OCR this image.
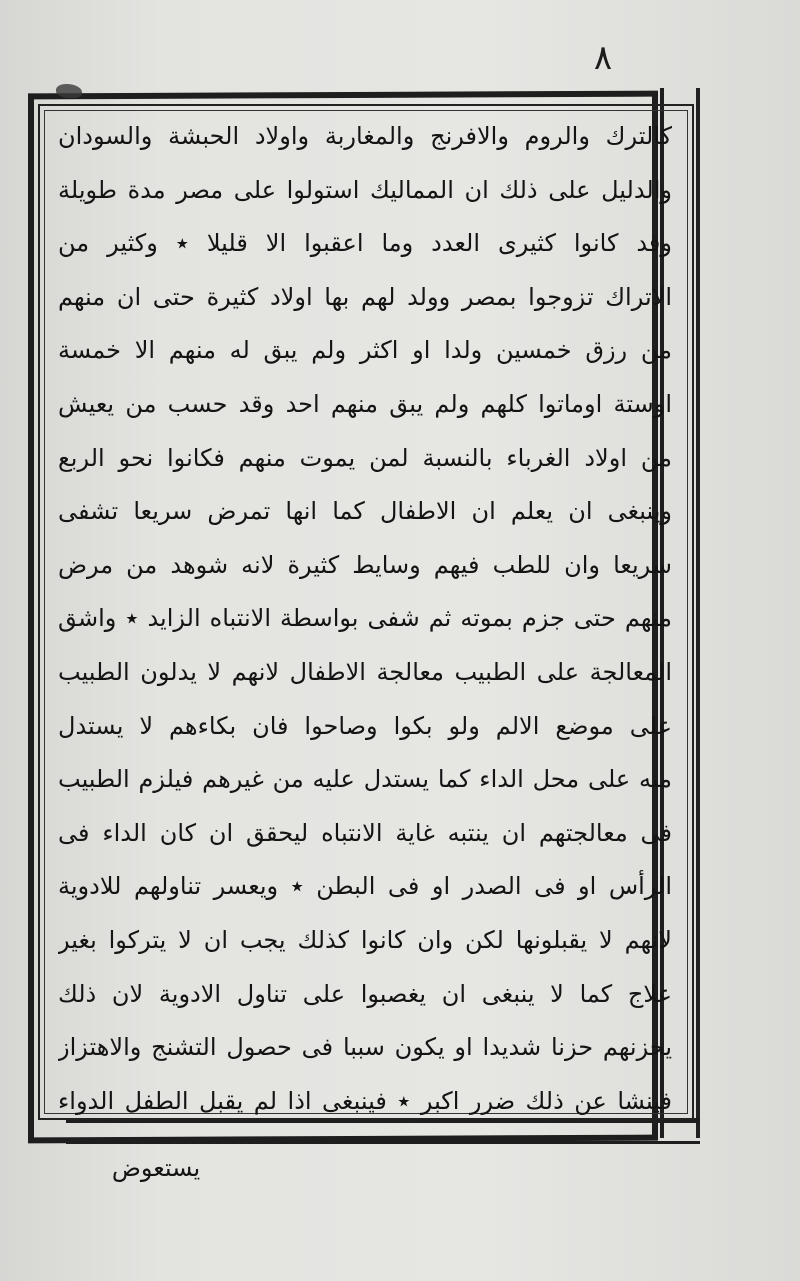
٨
كالترك والروم والافرنج والمغاربة واولاد الحبشة والسودان
والدليل على ذلك ان المماليك استولوا على مصر مدة طويلة
وقد كانوا كثيرى العدد وما اعقبوا الا قليلا ٭ وكثير من
الاتراك تزوجوا بمصر وولد لهم بها اولاد كثيرة حتى ان منهم
من رزق خمسين ولدا او اكثر ولم يبق له منهم الا خمسة
اوستة اوماتوا كلهم ولم يبق منهم احد وقد حسب من يعيش
من اولاد الغرباء بالنسبة لمن يموت منهم فكانوا نحو الربع
وينبغى ان يعلم ان الاطفال كما انها تمرض سريعا تشفى
سريعا وان للطب فيهم وسايط كثيرة لانه شوهد من مرض
منهم حتى جزم بموته ثم شفى بواسطة الانتباه الزايد ٭ واشق
المعالجة على الطبيب معالجة الاطفال لانهم لا يدلون الطبيب
على موضع الالم ولو بكوا وصاحوا فان بكاءهم لا يستدل
منه على محل الداء كما يستدل عليه من غيرهم فيلزم الطبيب
فى معالجتهم ان ينتبه غاية الانتباه ليحقق ان كان الداء فى
الرأس او فى الصدر او فى البطن ٭ ويعسر تناولهم للادوية
لانهم لا يقبلونها لكن وان كانوا كذلك يجب ان لا يتركوا بغير
علاج كما لا ينبغى ان يغصبوا على تناول الادوية لان ذلك
يحزنهم حزنا شديدا او يكون سببا فى حصول التشنج والاهتزاز
فينشا عن ذلك ضرر اكبر ٭ فينبغى اذا لم يقبل الطفل الدواء
يستعوض
